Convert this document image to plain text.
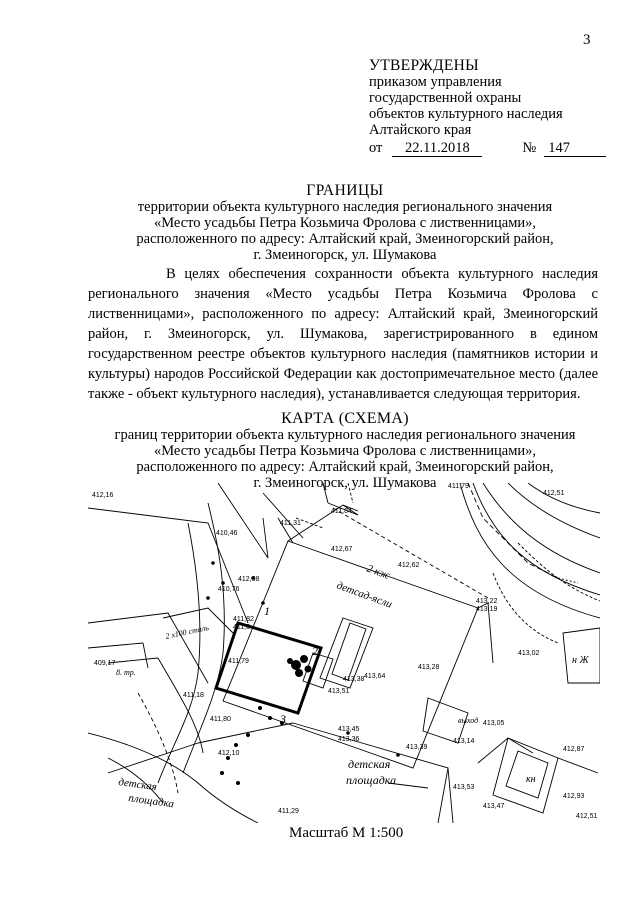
3
УТВЕРЖДЕНЫ
приказом управления
государственной охраны
объектов культурного наследия
Алтайского края
от	22.11.2018	№ 147
ГРАНИЦЫ
территории объекта культурного наследия регионального значения
«Место усадьбы Петра Козьмича Фролова с лиственницами»,
расположенного по адресу: Алтайский край, Змеиногорский район,
г. Змеиногорск, ул. Шумакова
В целях обеспечения сохранности объекта культурного наследия регионального значения «Место усадьбы Петра Козьмича Фролова с лиственницами», расположенного по адресу: Алтайский край, Змеиногорский район, г. Змеиногорск, ул. Шумакова, зарегистрированного в едином государственном реестре объектов культурного наследия (памятников истории и культуры) народов Российской Федерации как достопримечательное место (далее также - объект культурного наследия), устанавливается следующая территория.
КАРТА (СХЕМА)
границ территории объекта культурного наследия регионального значения
«Место усадьбы Петра Козьмича Фролова с лиственницами»,
расположенного по адресу: Алтайский край, Змеиногорский район,
г. Змеиногорск, ул. Шумакова
детсад-ясли
2 кж
кн
н Ж
выход
детская
площадка
детская
площадка
1
2
3
2 x100 сталь
8. тр.
411,79
412,51
411,84
412,67
412,62
413,22
413,19
413,02
412,16
410,46
410,76
411,82
411,8
411,79
412,08
413,64
413,28
413,05
411,18
411,80
412,10
413,51
413,45
413,36
413,39
413,14
413,53
413,47
412,87
412,93
412,51
409,17
413,38
411,29
411,31
Масштаб М 1:500
